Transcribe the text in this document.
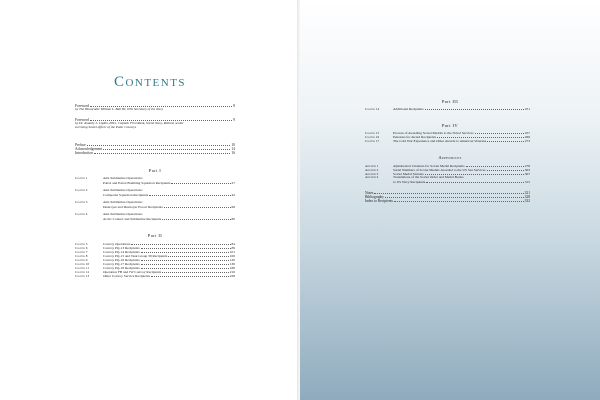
Contents
Foreword	8
by The Honorable William L. Ball III, 67th Secretary of the Navy
Foreword	9
by Dr. Anatoly L. Lipkin, PhD., Captain First Rank, Soviet Navy, Retired, senior
surviving Soviet officer of the Polar Convoys
Preface	10
Acknowledgement	14
Introduction	16
Part I
Chapter 1	Anti-Submarine Operations:
Patrol and Patrol Bombing Squadron Recipients	27
Chapter 2	Anti-Submarine Operations:
Composite Squadron Recipients	42
Chapter 3	Anti-Submarine Operations:
Destroyer and Destroyer Escort Recipients	66
Chapter 4	Anti-Submarine Operations:
Arctic Contact and Submarine Recipients	80
Part II
Chapter 5	Convoy Operations	84
Chapter 6	Convoy PQ-13 Recipients	89
Chapter 7	Convoy PQ-14 Recipients	101
Chapter 8	Convoy PQ-15 and Task Group 39 Recipients	106
Chapter 9	Convoy PQ-16 Recipients	120
Chapter 10	Convoy PQ-17 Recipients	130
Chapter 11	Convoy PQ-18 Recipients	186
Chapter 12	Operation FB and JW Convoy Recipients	216
Chapter 13	Other Convoy Service Recipients	228
Part III
Chapter 14	Additional Recipients	251
Part IV
Chapter 15	Process of Awarding Soviet Medals to the Naval Services	257
Chapter 16	Pensions for Award Recipients	269
Chapter 17	The Cold War Experience and Other Awards to American Veterans	273
Appendices
Appendix 1	Alphabetical Citations for Soviet Medal Recipients	278
Appendix 2	Serial Numbers of Soviet Medals Awarded to the US Sea Services	303
Appendix 3	Soviet Medal Statutes	307
Appendix 4	Translations of the Soviet Order and Medal Books
to US Navy Recipients	315
Notes	321
Bibliography	328
Index to Recipients	332
